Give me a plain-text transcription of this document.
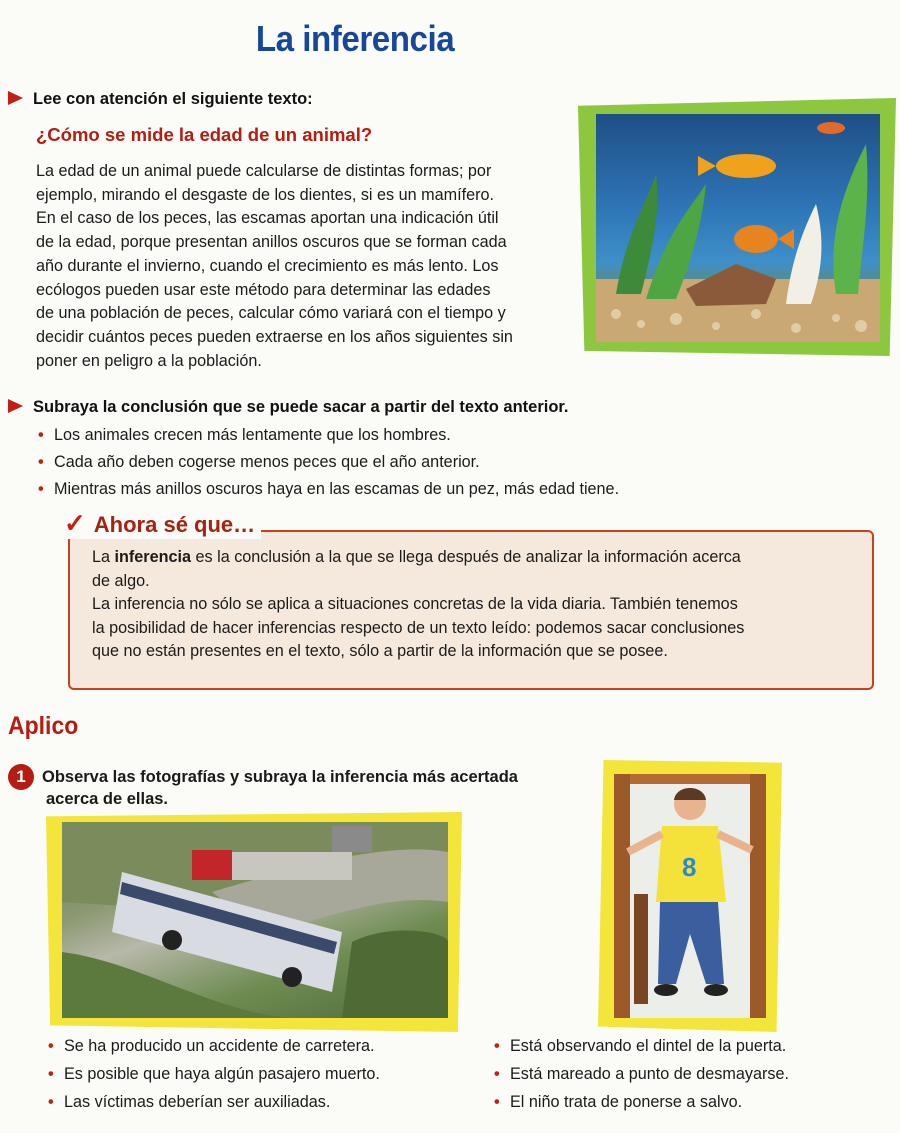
La inferencia
Lee con atención el siguiente texto:
¿Cómo se mide la edad de un animal?
La edad de un animal puede calcularse de distintas formas; por
ejemplo, mirando el desgaste de los dientes, si es un mamífero.
En el caso de los peces, las escamas aportan una indicación útil
de la edad, porque presentan anillos oscuros que se forman cada
año durante el invierno, cuando el crecimiento es más lento. Los
ecólogos pueden usar este método para determinar las edades
de una población de peces, calcular cómo variará con el tiempo y
decidir cuántos peces pueden extraerse en los años siguientes sin
poner en peligro a la población.
Subraya la conclusión que se puede sacar a partir del texto anterior.
• Los animales crecen más lentamente que los hombres.
• Cada año deben cogerse menos peces que el año anterior.
• Mientras más anillos oscuros haya en las escamas de un pez, más edad tiene.
✓ Ahora sé que…
La inferencia es la conclusión a la que se llega después de analizar la información acerca
de algo.
La inferencia no sólo se aplica a situaciones concretas de la vida diaria. También tenemos
la posibilidad de hacer inferencias respecto de un texto leído: podemos sacar conclusiones
que no están presentes en el texto, sólo a partir de la información que se posee.
Aplico
1 Observa las fotografías y subraya la inferencia más acertada
acerca de ellas.
8
• Se ha producido un accidente de carretera.
• Es posible que haya algún pasajero muerto.
• Las víctimas deberían ser auxiliadas.
• Está observando el dintel de la puerta.
• Está mareado a punto de desmayarse.
• El niño trata de ponerse a salvo.
